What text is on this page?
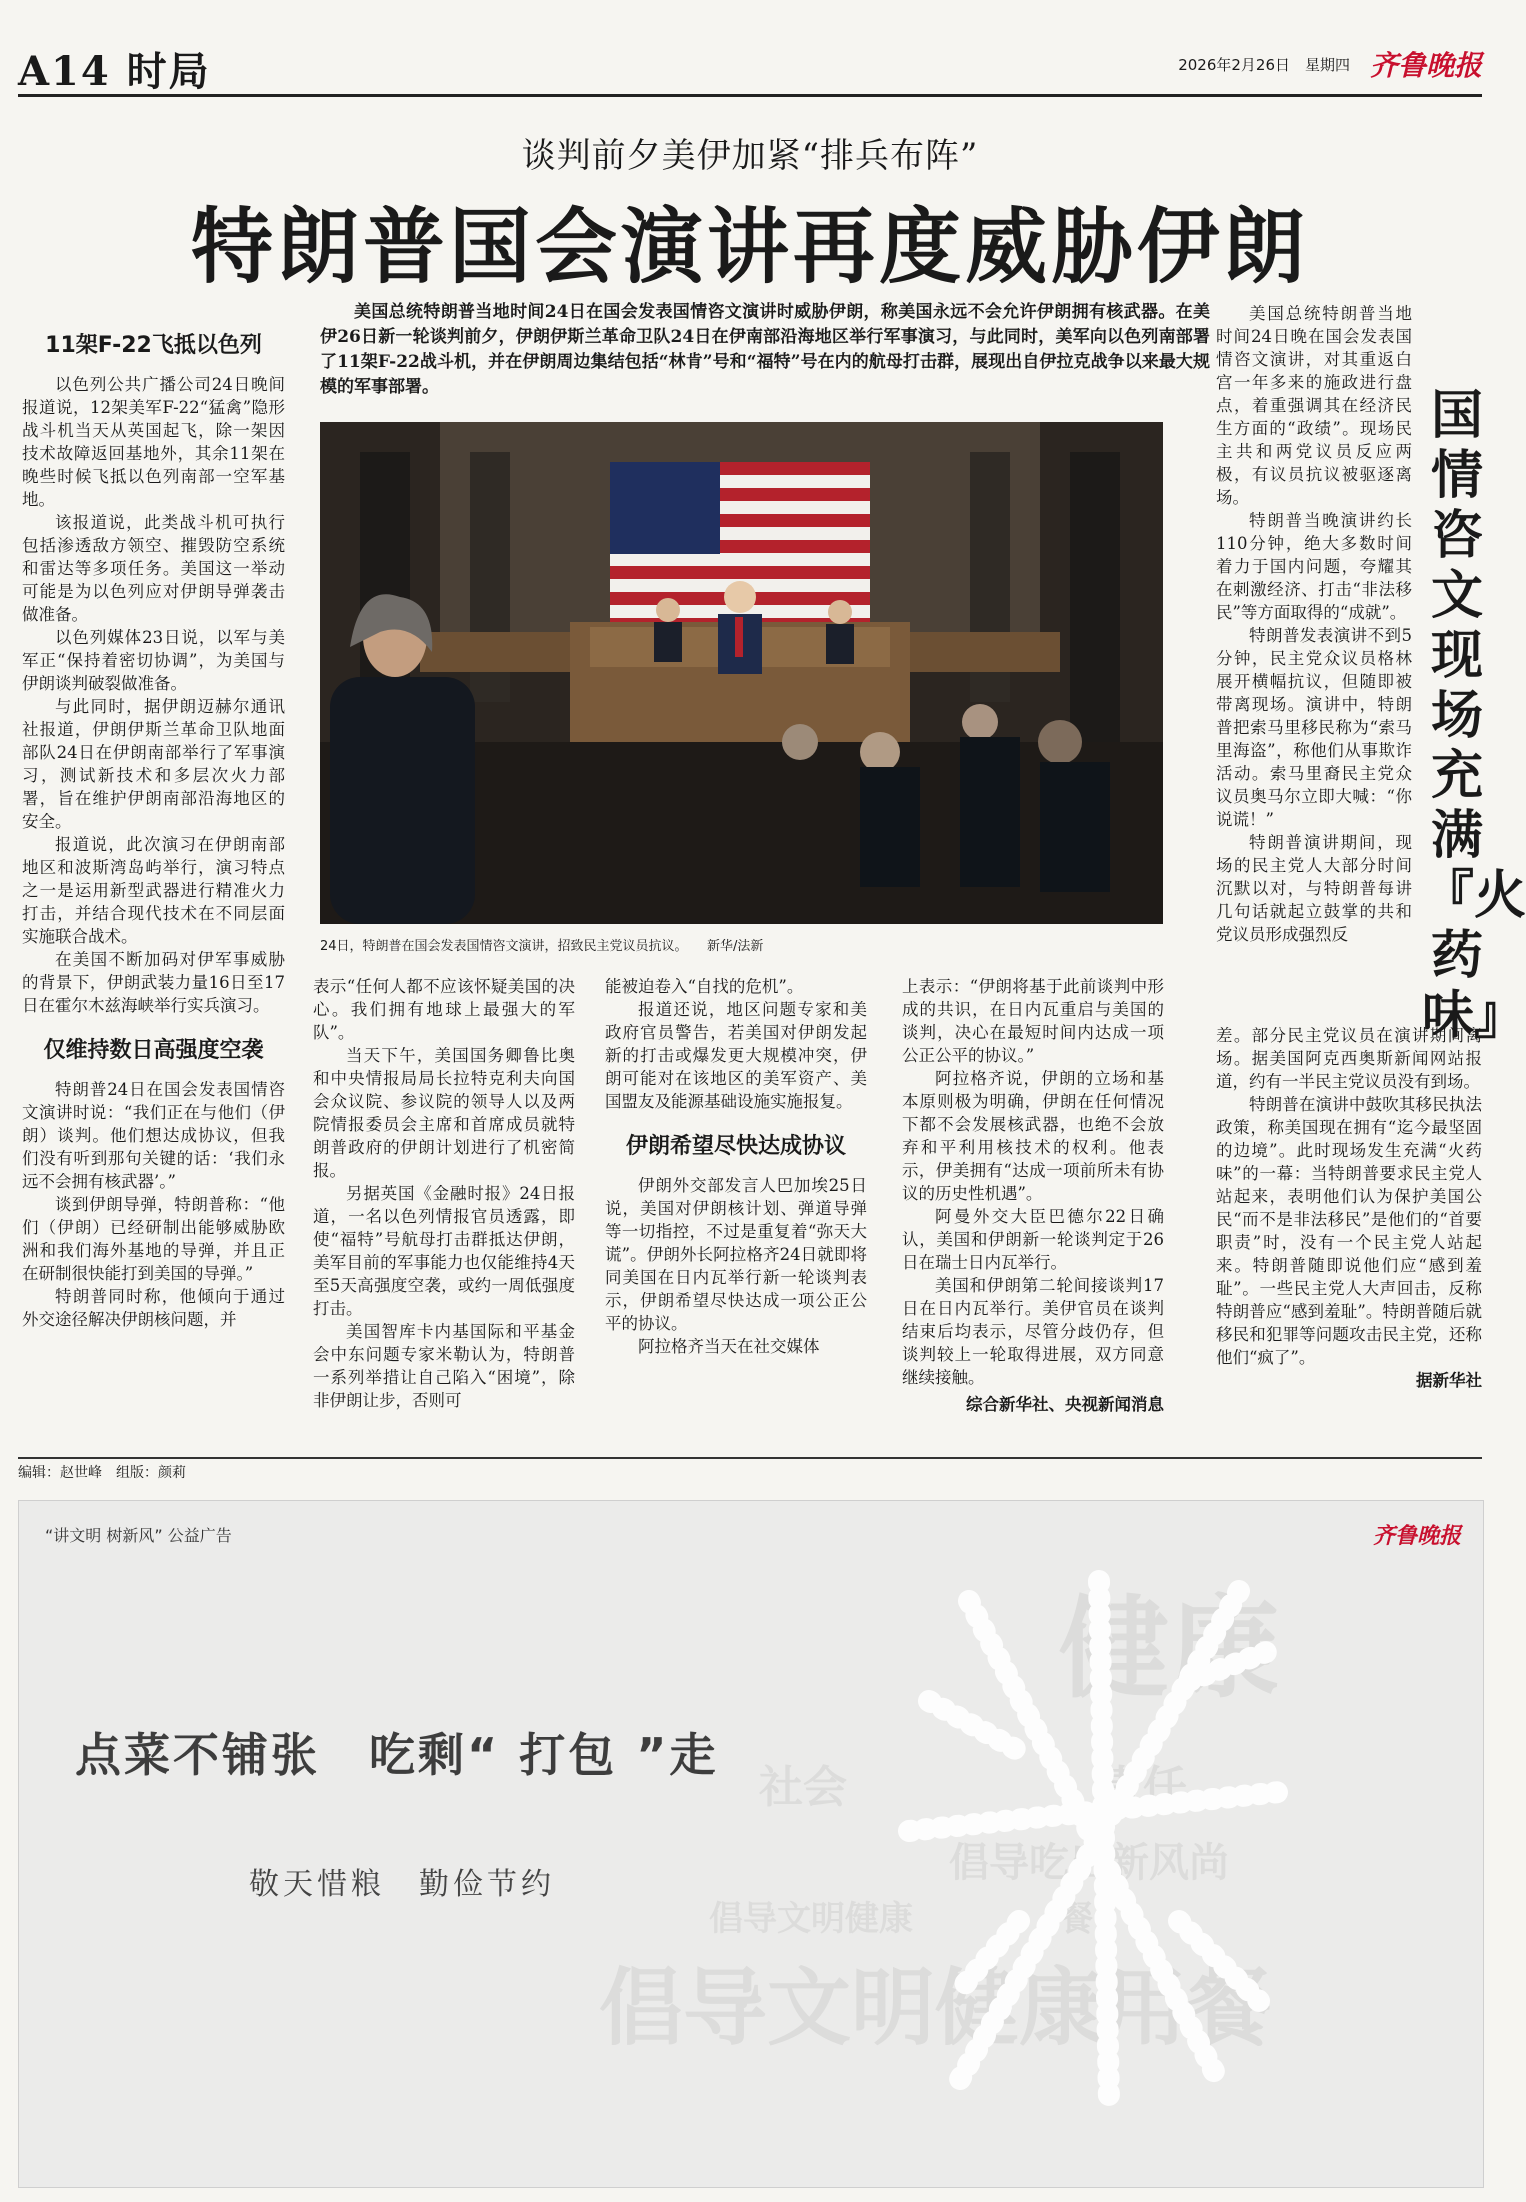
A14 时局	2026年2月26日　星期四 齐鲁晚报
谈判前夕美伊加紧“排兵布阵”
特朗普国会演讲再度威胁伊朗

美国总统特朗普当地时间24日在国会发表国情咨文演讲时威胁伊朗，称美国永远不会允许伊朗拥有核武器。在美伊26日新一轮谈判前夕，伊朗伊斯兰革命卫队24日在伊南部沿海地区举行军事演习，与此同时，美军向以色列南部署了11架F-22战斗机，并在伊朗周边集结包括“林肯”号和“福特”号在内的航母打击群，展现出自伊拉克战争以来最大规模的军事部署。

24日，特朗普在国会发表国情咨文演讲，招致民主党议员抗议。　　新华/法新
11架F-22飞抵以色列

以色列公共广播公司24日晚间报道说，12架美军F-22“猛禽”隐形战斗机当天从英国起飞，除一架因技术故障返回基地外，其余11架在晚些时候飞抵以色列南部一空军基地。

该报道说，此类战斗机可执行包括渗透敌方领空、摧毁防空系统和雷达等多项任务。美国这一举动可能是为以色列应对伊朗导弹袭击做准备。

以色列媒体23日说，以军与美军正“保持着密切协调”，为美国与伊朗谈判破裂做准备。

与此同时，据伊朗迈赫尔通讯社报道，伊朗伊斯兰革命卫队地面部队24日在伊朗南部举行了军事演习，测试新技术和多层次火力部署，旨在维护伊朗南部沿海地区的安全。

报道说，此次演习在伊朗南部地区和波斯湾岛屿举行，演习特点之一是运用新型武器进行精准火力打击，并结合现代技术在不同层面实施联合战术。

在美国不断加码对伊军事威胁的背景下，伊朗武装力量16日至17日在霍尔木兹海峡举行实兵演习。

仅维持数日高强度空袭

特朗普24日在国会发表国情咨文演讲时说：“我们正在与他们（伊朗）谈判。他们想达成协议，但我们没有听到那句关键的话：‘我们永远不会拥有核武器’。”

谈到伊朗导弹，特朗普称：“他们（伊朗）已经研制出能够威胁欧洲和我们海外基地的导弹，并且正在研制很快能打到美国的导弹。”

特朗普同时称，他倾向于通过外交途径解决伊朗核问题，并

表示“任何人都不应该怀疑美国的决心。我们拥有地球上最强大的军队”。

当天下午，美国国务卿鲁比奥和中央情报局局长拉特克利夫向国会众议院、参议院的领导人以及两院情报委员会主席和首席成员就特朗普政府的伊朗计划进行了机密简报。

另据英国《金融时报》24日报道，一名以色列情报官员透露，即使“福特”号航母打击群抵达伊朗，美军目前的军事能力也仅能维持4天至5天高强度空袭，或约一周低强度打击。

美国智库卡内基国际和平基金会中东问题专家米勒认为，特朗普一系列举措让自己陷入“困境”，除非伊朗让步，否则可

能被迫卷入“自找的危机”。

报道还说，地区问题专家和美政府官员警告，若美国对伊朗发起新的打击或爆发更大规模冲突，伊朗可能对在该地区的美军资产、美国盟友及能源基础设施实施报复。

伊朗希望尽快达成协议

伊朗外交部发言人巴加埃25日说，美国对伊朗核计划、弹道导弹等一切指控，不过是重复着“弥天大谎”。伊朗外长阿拉格齐24日就即将同美国在日内瓦举行新一轮谈判表示，伊朗希望尽快达成一项公正公平的协议。

阿拉格齐当天在社交媒体

上表示：“伊朗将基于此前谈判中形成的共识，在日内瓦重启与美国的谈判，决心在最短时间内达成一项公正公平的协议。”

阿拉格齐说，伊朗的立场和基本原则极为明确，伊朗在任何情况下都不会发展核武器，也绝不会放弃和平利用核技术的权利。他表示，伊美拥有“达成一项前所未有协议的历史性机遇”。

阿曼外交大臣巴德尔22日确认，美国和伊朗新一轮谈判定于26日在瑞士日内瓦举行。

美国和伊朗第二轮间接谈判17日在日内瓦举行。美伊官员在谈判结束后均表示，尽管分歧仍存，但谈判较上一轮取得进展，双方同意继续接触。

综合新华社、央视新闻消息
国情咨文现场充满『火药味』

美国总统特朗普当地时间24日晚在国会发表国情咨文演讲，对其重返白宫一年多来的施政进行盘点，着重强调其在经济民生方面的“政绩”。现场民主共和两党议员反应两极，有议员抗议被驱逐离场。

特朗普当晚演讲约长110分钟，绝大多数时间着力于国内问题，夸耀其在刺激经济、打击“非法移民”等方面取得的“成就”。

特朗普发表演讲不到5分钟，民主党众议员格林展开横幅抗议，但随即被带离现场。演讲中，特朗普把索马里移民称为“索马里海盗”，称他们从事欺诈活动。索马里裔民主党众议员奥马尔立即大喊：“你说谎！”

特朗普演讲期间，现场的民主党人大部分时间沉默以对，与特朗普每讲几句话就起立鼓掌的共和党议员形成强烈反

差。部分民主党议员在演讲期间离场。据美国阿克西奥斯新闻网站报道，约有一半民主党议员没有到场。

特朗普在演讲中鼓吹其移民执法政策，称美国现在拥有“迄今最坚固的边境”。此时现场发生充满“火药味”的一幕：当特朗普要求民主党人站起来，表明他们认为保护美国公民“而不是非法移民”是他们的“首要职责”时，没有一个民主党人站起来。特朗普随即说他们应“感到羞耻”。一些民主党人大声回击，反称特朗普应“感到羞耻”。特朗普随后就移民和犯罪等问题攻击民主党，还称他们“疯了”。

据新华社
编辑：赵世峰　组版：颜莉
“讲文明 树新风” 公益广告	齐鲁晚报
健康
社会	责任
倡导吃出新风尚
倡导文明健康	餐
倡导文明健康用餐
点菜不铺张　吃剩“ 打包 ”走
敬天惜粮　勤俭节约
